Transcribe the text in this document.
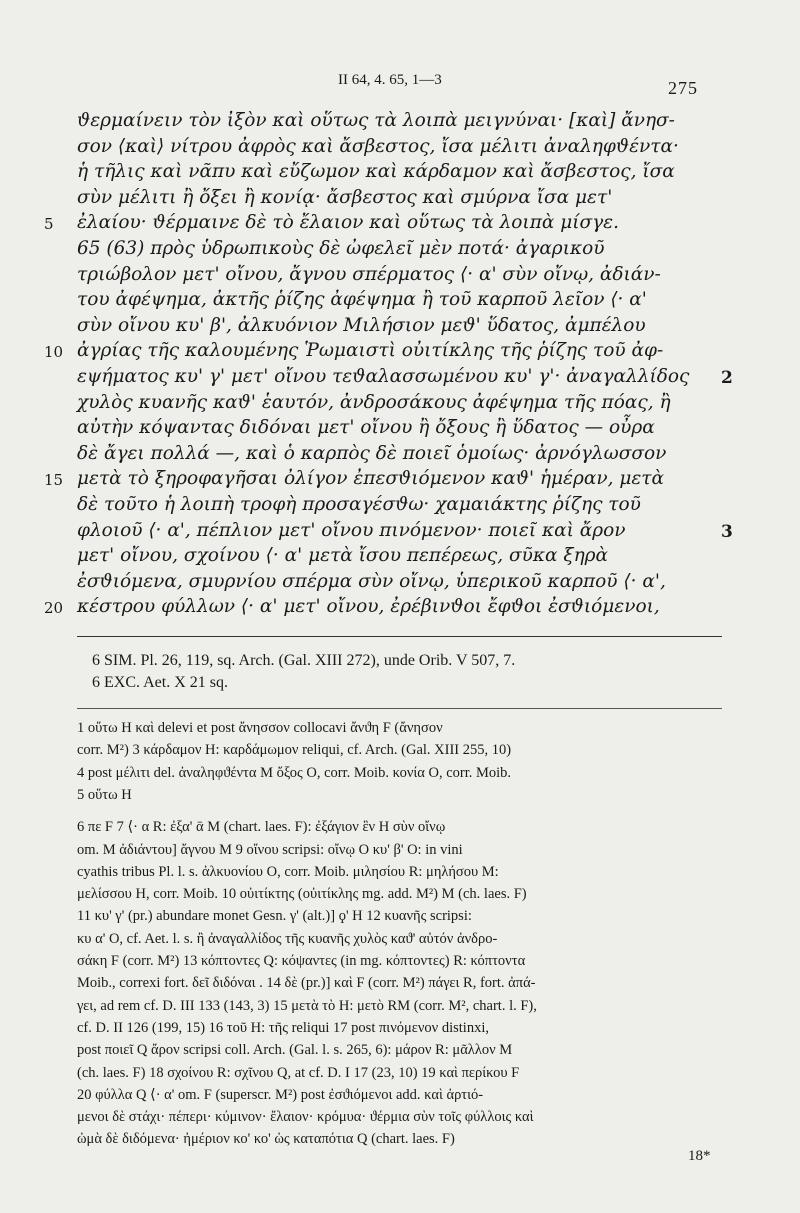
II 64, 4. 65, 1—3	275
ϑερμαίνειν τὸν ἰξὸν καὶ οὕτως τὰ λοιπὰ μειγνύναι· [καὶ] ἄνησ-
σον ⟨καὶ⟩ νίτρου ἀφρὸς καὶ ἄσβεστος, ἴσα μέλιτι ἀναληφϑέντα·
ἡ τῆλις καὶ νᾶπυ καὶ εὔζωμον καὶ κάρδαμον καὶ ἄσβεστος, ἴσα
σὺν μέλιτι ἢ ὄξει ἢ κονίᾳ· ἄσβεστος καὶ σμύρνα ἴσα μετ'
ἐλαίου· ϑέρμαινε δὲ τὸ ἔλαιον καὶ οὕτως τὰ λοιπὰ μίσγε.
5
65 (63) πρὸς ὑδρωπικοὺς δὲ ὠφελεῖ μὲν ποτά· ἀγαρικοῦ
τριώβολον μετ' οἴνου, ἄγνου σπέρματος ⟨· α' σὺν οἴνῳ, ἀδιάν-
του ἀφέψημα, ἀκτῆς ῥίζης ἀφέψημα ἢ τοῦ καρποῦ λεῖον ⟨· α'
σὺν οἴνου κυ' β', ἀλκυόνιον Μιλήσιον μεϑ' ὕδατος, ἀμπέλου
ἀγρίας τῆς καλουμένης Ῥωμαιστὶ οὐιτίκλης τῆς ῥίζης τοῦ ἀφ-
10
εψήματος κυ' γ' μετ' οἴνου τεϑαλασσωμένου κυ' γ'· ἀναγαλλίδος 2
χυλὸς κυανῆς καϑ' ἑαυτόν, ἀνδροσάκους ἀφέψημα τῆς πόας, ἢ
αὐτὴν κόψαντας διδόναι μετ' οἴνου ἢ ὄξους ἢ ὕδατος — οὖρα
δὲ ἄγει πολλά —, καὶ ὁ καρπὸς δὲ ποιεῖ ὁμοίως· ἀρνόγλωσσον
μετὰ τὸ ξηροφαγῆσαι ὀλίγον ἐπεσϑιόμενον καϑ' ἡμέραν, μετὰ
15
δὲ τοῦτο ἡ λοιπὴ τροφὴ προσαγέσϑω· χαμαιάκτης ῥίζης τοῦ
φλοιοῦ ⟨· α', πέπλιον μετ' οἴνου πινόμενον· ποιεῖ καὶ ἄρον	3
μετ' οἴνου, σχοίνου ⟨· α' μετὰ ἴσου πεπέρεως, σῦκα ξηρὰ
ἐσϑιόμενα, σμυρνίου σπέρμα σὺν οἴνῳ, ὑπερικοῦ καρποῦ ⟨· α',
κέστρου φύλλων ⟨· α' μετ' οἴνου, ἐρέβινϑοι ἔφϑοι ἐσϑιόμενοι,
20
6 SIM. Pl. 26, 119, sq. Arch. (Gal. XIII 272), unde Orib. V 507, 7.
6 EXC. Aet. X 21 sq.
1 οὕτω H καὶ delevi et post ἄνησσον collocavi ἄνϑη F (ἄνησον
corr. M²) 3 κάρδαμον H: καρδάμωμον reliqui, cf. Arch. (Gal. XIII 255, 10)
4 post μέλιτι del. ἀναληφϑέντα M ὄξος O, corr. Moib. κονία O, corr. Moib.
5 οὕτω H
6 πε F 7 ⟨· α R: ἐξα' ᾱ M (chart. laes. F): ἐξάγιον ἓν H σὺν οἴνῳ
om. M ἀδιάντου] ἄγνου M 9 οἴνου scripsi: οἴνῳ O κυ' β' O: in vini
cyathis tribus Pl. l. s. ἀλκυονίου O, corr. Moib. μιλησίου R: μηλήσου M:
μελίσσου H, corr. Moib. 10 οὐιτίκτης (οὐιτίκλης mg. add. M²) M (ch. laes. F)
11 κυ' γ' (pr.) abundare monet Gesn. γ' (alt.)] ϙ' H 12 κυανῆς scripsi:
κυ α' O, cf. Aet. l. s. ἢ ἀναγαλλίδος τῆς κυανῆς χυλὸς καϑ' αὑτόν ἀνδρο-
σάκη F (corr. M²) 13 κόπτοντες Q: κόψαντες (in mg. κόπτοντες) R: κόπτοντα
Moib., correxi fort. δεῖ διδόναι . 14 δὲ (pr.)] καὶ F (corr. M²) πάγει R, fort. ἀπά-
γει, ad rem cf. D. III 133 (143, 3) 15 μετὰ τὸ H: μετὸ RM (corr. M², chart. l. F),
cf. D. II 126 (199, 15) 16 τοῦ H: τῆς reliqui 17 post πινόμενον distinxi,
post ποιεῖ Q ἄρον scripsi coll. Arch. (Gal. l. s. 265, 6): μάρον R: μᾶλλον M
(ch. laes. F) 18 σχοίνου R: σχῖνου Q, at cf. D. I 17 (23, 10) 19 καὶ περίκου F
20 φύλλα Q ⟨· α' om. F (superscr. M²) post ἐσϑιόμενοι add. καὶ ἀρτιό-
μενοι δὲ στάχι· πέπερι· κύμινον· ἔλαιον· κρόμυα· ϑέρμια σὺν τοῖς φύλλοις καὶ
ὠμὰ δὲ διδόμενα· ἠμέριον κο' κο' ὡς καταπότια Q (chart. laes. F)
18*
